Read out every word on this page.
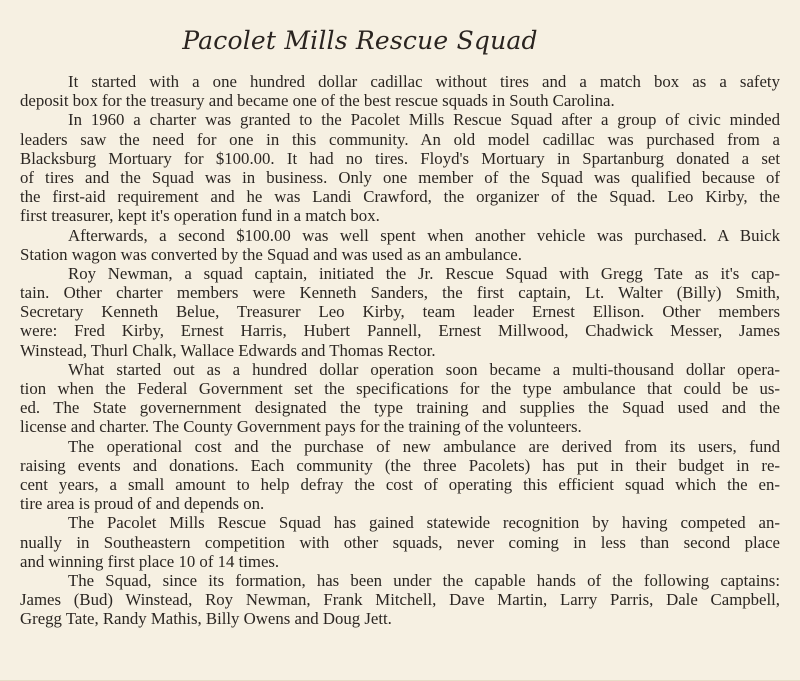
Pacolet Mills Rescue Squad
It started with a one hundred dollar cadillac without tires and a match box as a safety
deposit box for the treasury and became one of the best rescue squads in South Carolina.
In 1960 a charter was granted to the Pacolet Mills Rescue Squad after a group of civic minded
leaders saw the need for one in this community. An old model cadillac was purchased from a
Blacksburg Mortuary for $100.00. It had no tires. Floyd's Mortuary in Spartanburg donated a set
of tires and the Squad was in business. Only one member of the Squad was qualified because of
the first-aid requirement and he was Landi Crawford, the organizer of the Squad. Leo Kirby, the
first treasurer, kept it's operation fund in a match box.
Afterwards, a second $100.00 was well spent when another vehicle was purchased. A Buick
Station wagon was converted by the Squad and was used as an ambulance.
Roy Newman, a squad captain, initiated the Jr. Rescue Squad with Gregg Tate as it's cap-
tain. Other charter members were Kenneth Sanders, the first captain, Lt. Walter (Billy) Smith,
Secretary Kenneth Belue, Treasurer Leo Kirby, team leader Ernest Ellison. Other members
were: Fred Kirby, Ernest Harris, Hubert Pannell, Ernest Millwood, Chadwick Messer, James
Winstead, Thurl Chalk, Wallace Edwards and Thomas Rector.
What started out as a hundred dollar operation soon became a multi-thousand dollar opera-
tion when the Federal Government set the specifications for the type ambulance that could be us-
ed. The State governernment designated the type training and supplies the Squad used and the
license and charter. The County Government pays for the training of the volunteers.
The operational cost and the purchase of new ambulance are derived from its users, fund
raising events and donations. Each community (the three Pacolets) has put in their budget in re-
cent years, a small amount to help defray the cost of operating this efficient squad which the en-
tire area is proud of and depends on.
The Pacolet Mills Rescue Squad has gained statewide recognition by having competed an-
nually in Southeastern competition with other squads, never coming in less than second place
and winning first place 10 of 14 times.
The Squad, since its formation, has been under the capable hands of the following captains:
James (Bud) Winstead, Roy Newman, Frank Mitchell, Dave Martin, Larry Parris, Dale Campbell,
Gregg Tate, Randy Mathis, Billy Owens and Doug Jett.
